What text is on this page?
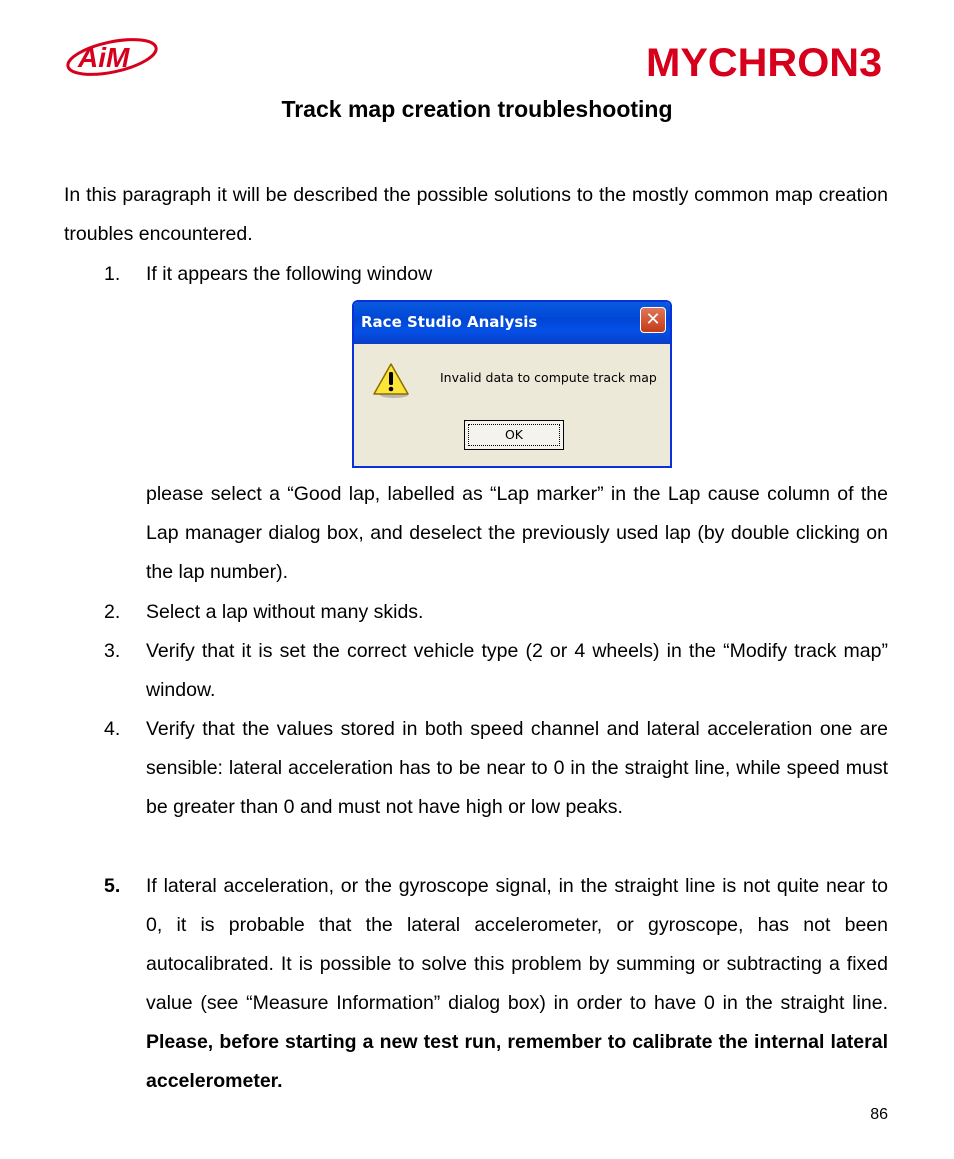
AiM	MYCHRON3
Track map creation troubleshooting

In this paragraph it will be described the possible solutions to the mostly common map creation troubles encountered.

1.	If it appears the following window

Race Studio Analysis	✕
Invalid data to compute track map
OK

please select a “Good lap, labelled as “Lap marker” in the Lap cause column of the Lap manager dialog box, and deselect the previously used lap (by double clicking on the lap number).

2.	Select a lap without many skids.

3.	Verify that it is set the correct vehicle type (2 or 4 wheels) in the “Modify track map” window.

4.	Verify that the values stored in both speed channel and lateral acceleration one are sensible: lateral acceleration has to be near to 0 in the straight line, while speed must be greater than 0 and must not have high or low peaks.

5.	If lateral acceleration, or the gyroscope signal, in the straight line is not quite near to 0, it is probable that the lateral accelerometer, or gyroscope, has not been autocalibrated. It is possible to solve this problem by summing or subtracting a fixed value (see “Measure Information” dialog box) in order to have 0 in the straight line. Please, before starting a new test run, remember to calibrate the internal lateral accelerometer.

86
